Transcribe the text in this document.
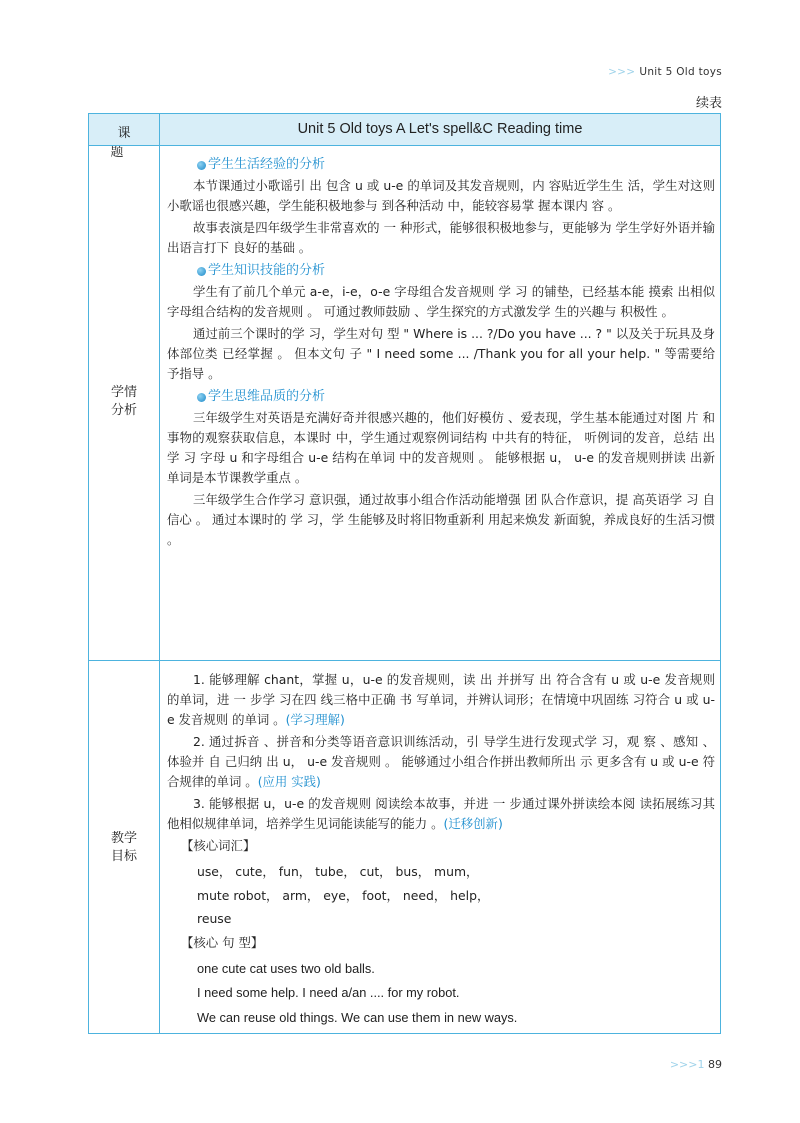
>>> Unit 5 Old toys
续表
课 题
Unit 5 Old toys A Let's spell&C Reading time
学情
分析
学生生活经验的分析

本节课通过小歌谣引 出 包含 u 或 u-e 的单词及其发音规则，内 容贴近学生生 活，学生对这则 小歌谣也很感兴趣，学生能积极地参与 到各种活动 中，能较容易掌 握本课内 容 。

故事表演是四年级学生非常喜欢的 一 种形式，能够很积极地参与，更能够为 学生学好外语并输出语言打下 良好的基础 。

学生知识技能的分析

学生有了前几个单元 a-e，i-e，o-e 字母组合发音规则 学 习 的铺垫，已经基本能 摸索 出相似字母组合结构的发音规则 。 可通过教师鼓励 、学生探究的方式激发学 生的兴趣与 积极性 。

通过前三个课时的学 习，学生对句 型 " Where is ... ?/Do you have ... ? " 以及关于玩具及身体部位类 已经掌握 。 但本文句 子 " I need some ... /Thank you for all your help. " 等需要给予指导 。

学生思维品质的分析

三年级学生对英语是充满好奇并很感兴趣的，他们好模仿 、爱表现，学生基本能通过对图 片 和事物的观察获取信息，本课时 中，学生通过观察例词结构 中共有的特征， 听例词的发音，总结 出 学 习 字母 u 和字母组合 u-e 结构在单词 中的发音规则 。 能够根据 u， u-e 的发音规则拼读 出新单词是本节课教学重点 。

三年级学生合作学习 意识强，通过故事小组合作活动能增强 团 队合作意识，提 高英语学 习 自 信心 。 通过本课时的 学 习，学 生能够及时将旧物重新利 用起来焕发 新面貌，养成良好的生活习惯 。

教学
目标

1. 能够理解 chant，掌握 u，u-e 的发音规则，读 出 并拼写 出 符合含有 u 或 u-e 发音规则 的单词，进 一 步学 习在四 线三格中正确 书 写单词，并辨认词形；在情境中巩固练 习符合 u 或 u-e 发音规则 的单词 。(学习理解)

2. 通过拆音 、拼音和分类等语音意识训练活动，引 导学生进行发现式学 习，观 察 、感知 、体验并 自 己归纳 出 u， u-e 发音规则 。 能够通过小组合作拼出教师所出 示 更多含有 u 或 u-e 符合规律的单词 。(应用 实践)

3. 能够根据 u，u-e 的发音规则 阅读绘本故事，并进 一 步通过课外拼读绘本阅 读拓展练习其他相似规律单词，培养学生见词能读能写的能力 。(迁移创新)

【核心词汇】
use， cute， fun， tube， cut， bus， mum，
mute robot， arm， eye， foot， need， help，
reuse
【核心 句 型】
one cute cat uses two old balls.
I need some help. I need a/an .... for my robot.
We can reuse old things. We can use them in new ways.
>>>1 89
